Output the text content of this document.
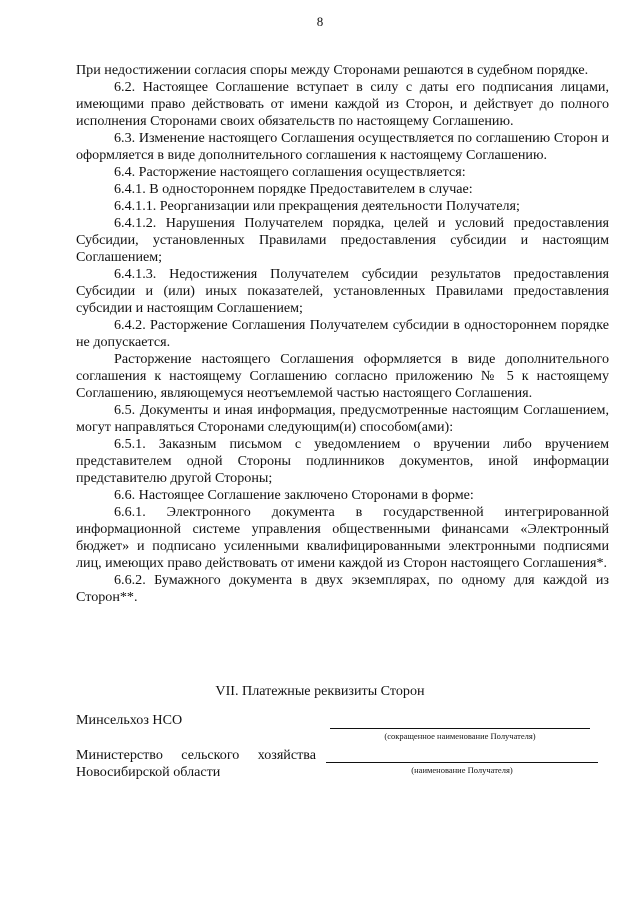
8

При недостижении согласия споры между Сторонами решаются в судебном порядке.

6.2. Настоящее Соглашение вступает в силу с даты его подписания лицами, имеющими право действовать от имени каждой из Сторон, и действует до полного исполнения Сторонами своих обязательств по настоящему Соглашению.

6.3. Изменение настоящего Соглашения осуществляется по соглашению Сторон и оформляется в виде дополнительного соглашения к настоящему Соглашению.

6.4. Расторжение настоящего соглашения осуществляется:

6.4.1. В одностороннем порядке Предоставителем в случае:

6.4.1.1. Реорганизации или прекращения деятельности Получателя;

6.4.1.2. Нарушения Получателем порядка, целей и условий предоставления Субсидии, установленных Правилами предоставления субсидии и настоящим Соглашением;

6.4.1.3. Недостижения Получателем субсидии результатов предоставления Субсидии и (или) иных показателей, установленных Правилами предоставления субсидии и настоящим Соглашением;

6.4.2. Расторжение Соглашения Получателем субсидии в одностороннем порядке не допускается.

Расторжение настоящего Соглашения оформляется в виде дополнительного соглашения к настоящему Соглашению согласно приложению № 5 к настоящему Соглашению, являющемуся неотъемлемой частью настоящего Соглашения.

6.5. Документы и иная информация, предусмотренные настоящим Соглашением, могут направляться Сторонами следующим(и) способом(ами):

6.5.1. Заказным письмом с уведомлением о вручении либо вручением представителем одной Стороны подлинников документов, иной информации представителю другой Стороны;

6.6. Настоящее Соглашение заключено Сторонами в форме:

6.6.1. Электронного документа в государственной интегрированной информационной системе управления общественными финансами «Электронный бюджет» и подписано усиленными квалифицированными электронными подписями лиц, имеющих право действовать от имени каждой из Сторон настоящего Соглашения*.

6.6.2. Бумажного документа в двух экземплярах, по одному для каждой из Сторон**.

VII. Платежные реквизиты Сторон
Минсельхоз НСО
(сокращенное наименование Получателя)
Министерство сельского хозяйства
Новосибирской области	(наименование Получателя)
